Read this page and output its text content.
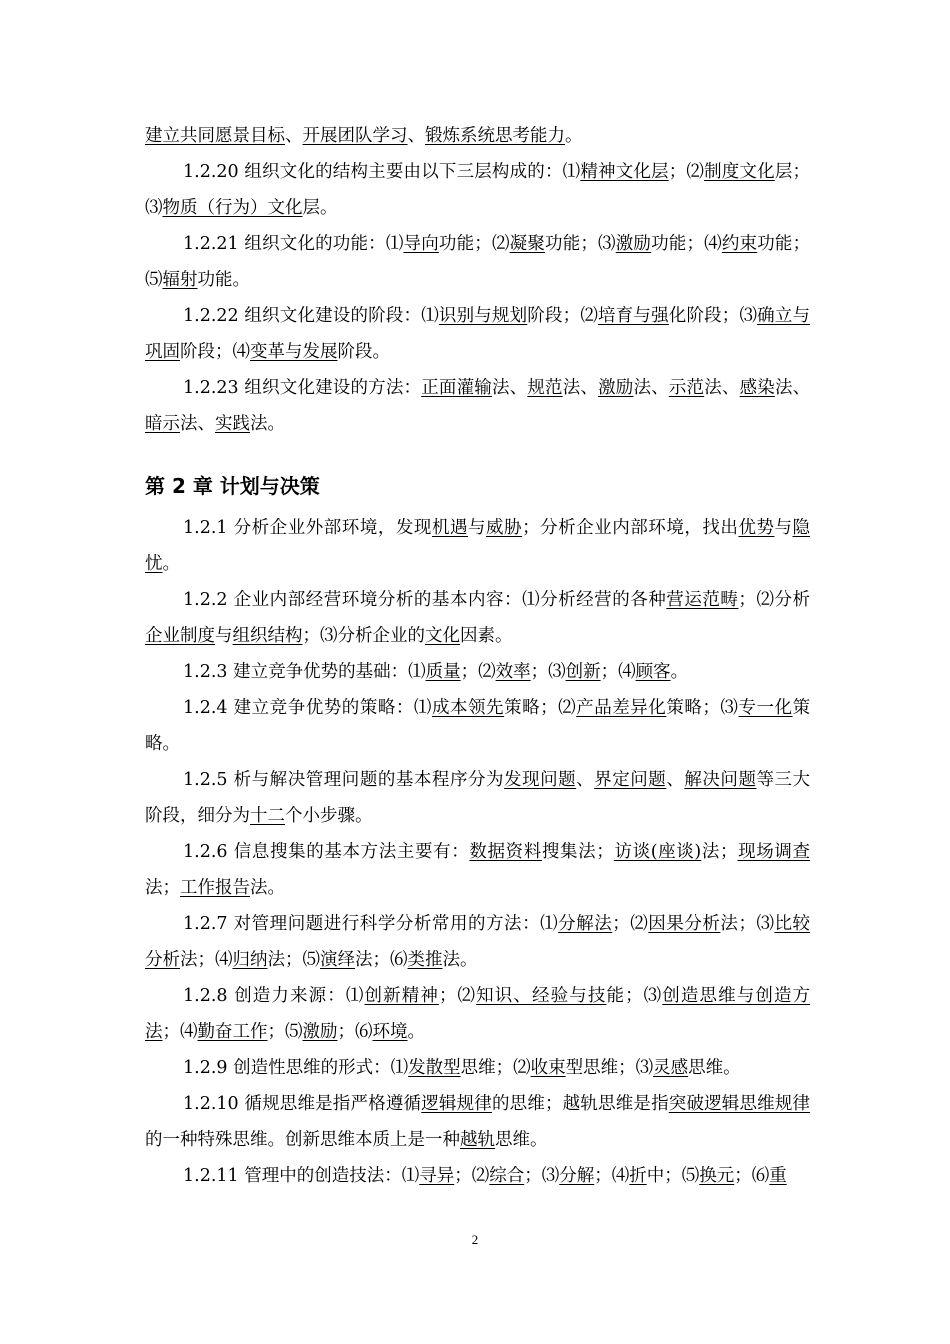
建立共同愿景目标、开展团队学习、锻炼系统思考能力。

1.2.20 组织文化的结构主要由以下三层构成的：⑴精神文化层；⑵制度文化层；⑶物质（行为）文化层。

1.2.21 组织文化的功能：⑴导向功能；⑵凝聚功能；⑶激励功能；⑷约束功能；⑸辐射功能。

1.2.22 组织文化建设的阶段：⑴识别与规划阶段；⑵培育与强化阶段；⑶确立与巩固阶段；⑷变革与发展阶段。

1.2.23 组织文化建设的方法：正面灌输法、规范法、激励法、示范法、感染法、暗示法、实践法。

第 2 章 计划与决策

1.2.1 分析企业外部环境，发现机遇与威胁；分析企业内部环境，找出优势与隐忧。

1.2.2 企业内部经营环境分析的基本内容：⑴分析经营的各种营运范畴；⑵分析企业制度与组织结构；⑶分析企业的文化因素。

1.2.3 建立竞争优势的基础：⑴质量；⑵效率；⑶创新；⑷顾客。

1.2.4 建立竞争优势的策略：⑴成本领先策略；⑵产品差异化策略；⑶专一化策略。

1.2.5 析与解决管理问题的基本程序分为发现问题、界定问题、解决问题等三大阶段，细分为十二个小步骤。

1.2.6 信息搜集的基本方法主要有：数据资料搜集法；访谈(座谈)法；现场调查法；工作报告法。

1.2.7 对管理问题进行科学分析常用的方法：⑴分解法；⑵因果分析法；⑶比较分析法；⑷归纳法；⑸演绎法；⑹类推法。

1.2.8 创造力来源：⑴创新精神；⑵知识、经验与技能；⑶创造思维与创造方法；⑷勤奋工作；⑸激励；⑹环境。

1.2.9 创造性思维的形式：⑴发散型思维；⑵收束型思维；⑶灵感思维。

1.2.10 循规思维是指严格遵循逻辑规律的思维；越轨思维是指突破逻辑思维规律的一种特殊思维。创新思维本质上是一种越轨思维。

1.2.11 管理中的创造技法：⑴寻异；⑵综合；⑶分解；⑷折中；⑸换元；⑹重

2
